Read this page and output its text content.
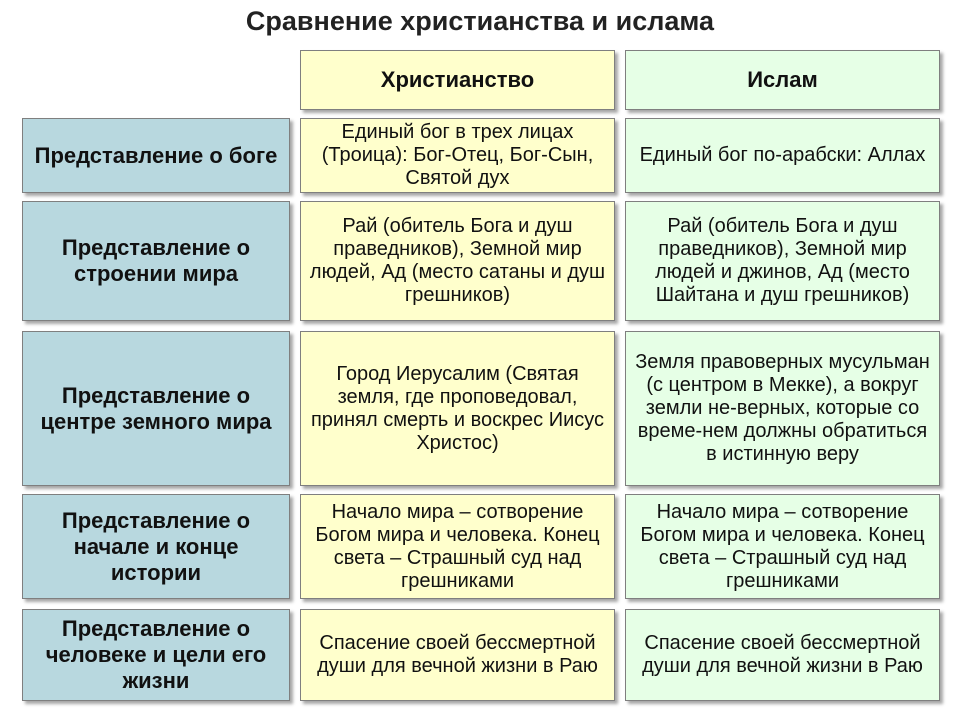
Сравнение христианства и ислама
Христианство	Ислам
Представление о боге
Единый бог в трех лицах (Троица): Бог-Отец, Бог-Сын, Святой дух
Единый бог по-арабски: Аллах
Представление о строении мира
Рай (обитель Бога и душ праведников), Земной мир людей, Ад (место сатаны и душ грешников)
Рай (обитель Бога и душ праведников), Земной мир людей и джинов, Ад (место Шайтана и душ грешников)
Представление о центре земного мира
Город Иерусалим (Святая земля, где проповедовал, принял смерть и воскрес Иисус Христос)
Земля правоверных мусульман (с центром в Мекке), а вокруг земли не-верных, которые со време-нем должны обратиться в истинную веру
Представление о начале и конце истории
Начало мира – сотворение Богом мира и человека. Конец света – Страшный суд над грешниками
Начало мира – сотворение Богом мира и человека. Конец света – Страшный суд над грешниками
Представление о человеке и цели его жизни
Спасение своей бессмертной души для вечной жизни в Раю
Спасение своей бессмертной души для вечной жизни в Раю
